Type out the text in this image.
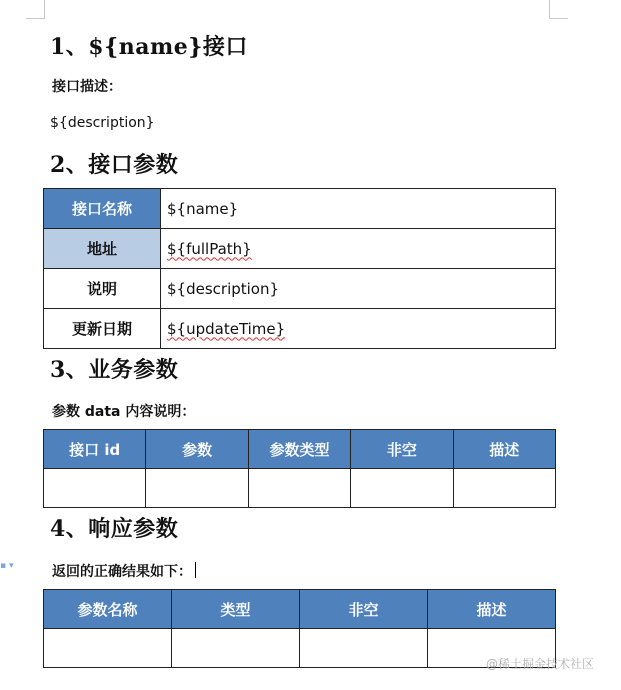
▪ ▾
1、${name}接口

接口描述：

${description}

2、接口参数
接口名称	${name}
地址	${fullPath}
说明	${description}
更新日期	${updateTime}
3、业务参数

参数 data 内容说明：

接口 id	参数	参数类型	非空	描述

4、响应参数

返回的正确结果如下：

参数名称	类型	非空	描述

@稀土掘金技术社区
